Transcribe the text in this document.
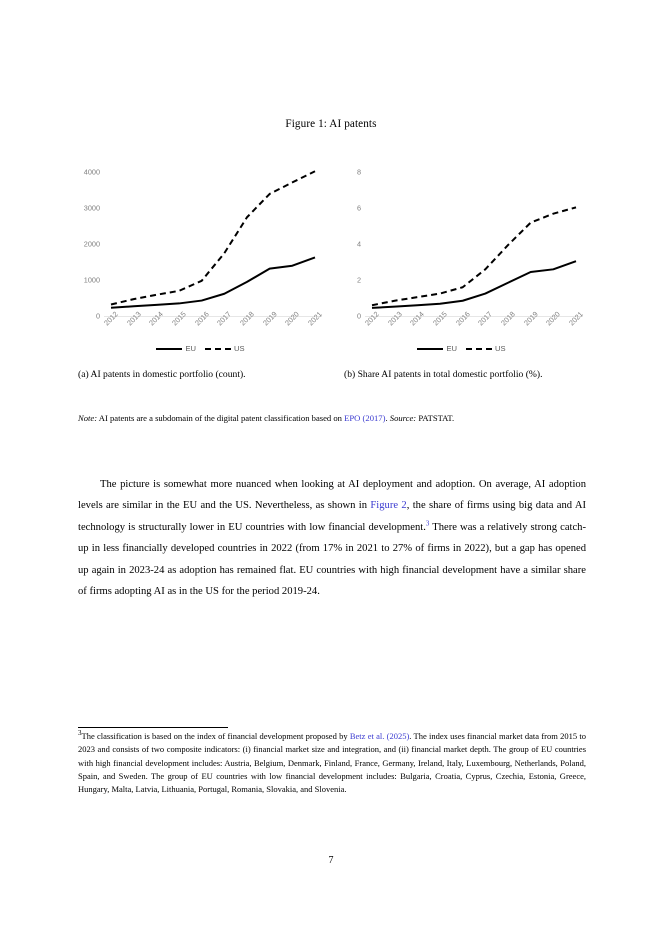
Figure 1: AI patents
0
1000
2000
3000
4000
2012 2013 2014 2015 2016 2017 2018 2019 2020 2021
EU	US
0
2
4
6
8
2012 2013 2014 2015 2016 2017 2018 2019 2020 2021
EU	US
(a) AI patents in domestic portfolio (count).	(b) Share AI patents in total domestic portfolio (%).
Note: AI patents are a subdomain of the digital patent classification based on EPO (2017). Source: PATSTAT.
The picture is somewhat more nuanced when looking at AI deployment and adoption. On average, AI adoption levels are similar in the EU and the US. Nevertheless, as shown in Figure 2, the share of firms using big data and AI technology is structurally lower in EU countries with low financial development.$^3$ There was a relatively strong catch-up in less financially developed countries in 2022 (from 17% in 2021 to 27% of firms in 2022), but a gap has opened up again in 2023-24 as adoption has remained flat. EU countries with high financial development have a similar share of firms adopting AI as in the US for the period 2019-24.
$^3$The classification is based on the index of financial development proposed by Betz et al. (2025). The index uses financial market data from 2015 to 2023 and consists of two composite indicators: (i) financial market size and integration, and (ii) financial market depth. The group of EU countries with high financial development includes: Austria, Belgium, Denmark, Finland, France, Germany, Ireland, Italy, Luxembourg, Netherlands, Poland, Spain, and Sweden. The group of EU countries with low financial development includes: Bulgaria, Croatia, Cyprus, Czechia, Estonia, Greece, Hungary, Malta, Latvia, Lithuania, Portugal, Romania, Slovakia, and Slovenia.
7
